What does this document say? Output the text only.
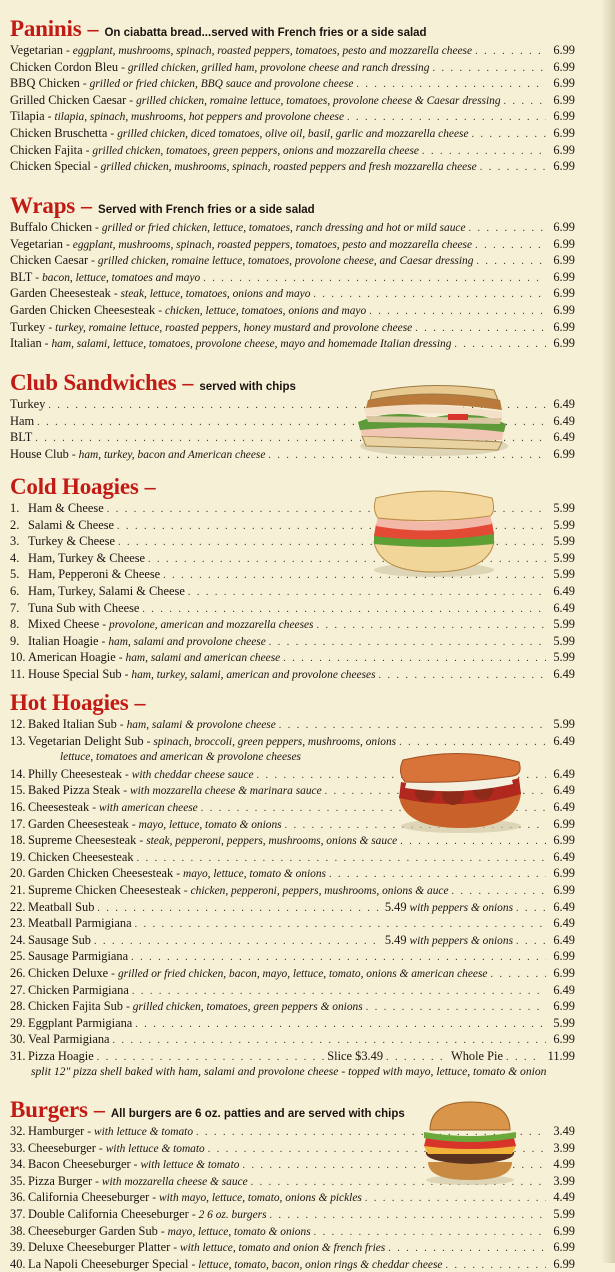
Paninis – On ciabatta bread...served with French fries or a side salad
Vegetarian - eggplant, mushrooms, spinach, roasted peppers, tomatoes, pesto and mozzarella cheese . . .	6.99
Chicken Cordon Bleu - grilled chicken, grilled ham, provolone cheese and ranch dressing . . .	6.99
BBQ Chicken - grilled or fried chicken, BBQ sauce and provolone cheese . . .	6.99
Grilled Chicken Caesar - grilled chicken, romaine lettuce, tomatoes, provolone cheese & Caesar dressing . . .	6.99
Tilapia - tilapia, spinach, mushrooms, hot peppers and provolone cheese . . .	6.99
Chicken Bruschetta - grilled chicken, diced tomatoes, olive oil, basil, garlic and mozzarella cheese . . .	6.99
Chicken Fajita - grilled chicken, tomatoes, green peppers, onions and mozzarella cheese . . .	6.99
Chicken Special - grilled chicken, mushrooms, spinach, roasted peppers and fresh mozzarella cheese . . .	6.99
Wraps – Served with French fries or a side salad
Buffalo Chicken - grilled or fried chicken, lettuce, tomatoes, ranch dressing and hot or mild sauce . . .	6.99
Vegetarian - eggplant, mushrooms, spinach, roasted peppers, tomatoes, pesto and mozzarella cheese . . .	6.99
Chicken Caesar - grilled chicken, romaine lettuce, tomatoes, provolone cheese, and Caesar dressing . . .	6.99
BLT - bacon, lettuce, tomatoes and mayo . . .	6.99
Garden Cheesesteak - steak, lettuce, tomatoes, onions and mayo . . .	6.99
Garden Chicken Cheesesteak - chicken, lettuce, tomatoes, onions and mayo . . .	6.99
Turkey - turkey, romaine lettuce, roasted peppers, honey mustard and provolone cheese . . .	6.99
Italian - ham, salami, lettuce, tomatoes, provolone cheese, mayo and homemade Italian dressing . . .	6.99
Club Sandwiches – served with chips
Turkey . . .	6.49
Ham . . .	6.49
BLT . . .	6.49
House Club - ham, turkey, bacon and American cheese . . .	6.99
Cold Hoagies –
1. Ham & Cheese . . .	5.99
2. Salami & Cheese . . .	5.99
3. Turkey & Cheese . . .	5.99
4. Ham, Turkey & Cheese . . .	5.99
5. Ham, Pepperoni & Cheese . . .	5.99
6. Ham, Turkey, Salami & Cheese . . .	6.49
7. Tuna Sub with Cheese . . .	6.49
8. Mixed Cheese - provolone, american and mozzarella cheeses . . .	5.99
9. Italian Hoagie - ham, salami and provolone cheese . . .	5.99
10. American Hoagie - ham, salami and american cheese . . .	5.99
11. House Special Sub - ham, turkey, salami, american and provolone cheeses . . .	6.49
Hot Hoagies –
12. Baked Italian Sub - ham, salami & provolone cheese . . .	5.99
13. Vegetarian Delight Sub - spinach, broccoli, green peppers, mushrooms, onions . . .	6.49
lettuce, tomatoes and american & provolone cheeses
14. Philly Cheesesteak - with cheddar cheese sauce . . .	6.49
15. Baked Pizza Steak - with mozzarella cheese & marinara sauce . . .	6.49
16. Cheesesteak - with american cheese . . .	6.49
17. Garden Cheesesteak - mayo, lettuce, tomato & onions . . .	6.99
18. Supreme Cheesesteak - steak, pepperoni, peppers, mushrooms, onions & sauce . . .	6.99
19. Chicken Cheesesteak . . .	6.49
20. Garden Chicken Cheesesteak - mayo, lettuce, tomato & onions . . .	6.99
21. Supreme Chicken Cheesesteak - chicken, pepperoni, peppers, mushrooms, onions & auce . . .	6.99
22. Meatball Sub . . .	5.49 with peppers & onions . . .	6.49
23. Meatball Parmigiana . . .	6.49
24. Sausage Sub . . .	5.49 with peppers & onions . . .	6.49
25. Sausage Parmigiana . . .	6.99
26. Chicken Deluxe - grilled or fried chicken, bacon, mayo, lettuce, tomato, onions & american cheese . . .	6.99
27. Chicken Parmigiana . . .	6.49
28. Chicken Fajita Sub - grilled chicken, tomatoes, green peppers & onions . . .	6.99
29. Eggplant Parmigiana . . .	5.99
30. Veal Parmigiana . . .	6.99
31. Pizza Hoagie . . .	Slice $3.49 . . .	Whole Pie . . .	11.99
split 12" pizza shell baked with ham, salami and provolone cheese - topped with mayo, lettuce, tomato & onion
Burgers – All burgers are 6 oz. patties and are served with chips
32. Hamburger - with lettuce & tomato . . .	3.49
33. Cheeseburger - with lettuce & tomato . . .	3.99
34. Bacon Cheeseburger - with lettuce & tomato . . .	4.99
35. Pizza Burger - with mozzarella cheese & sauce . . .	3.99
36. California Cheeseburger - with mayo, lettuce, tomato, onions & pickles . . .	4.49
37. Double California Cheeseburger - 2 6 oz. burgers . . .	5.99
38. Cheeseburger Garden Sub - mayo, lettuce, tomato & onions . . .	6.99
39. Deluxe Cheeseburger Platter - with lettuce, tomato and onion & french fries . . .	6.99
40. La Napoli Cheeseburger Special - lettuce, tomato, bacon, onion rings & cheddar cheese . . .	6.99
